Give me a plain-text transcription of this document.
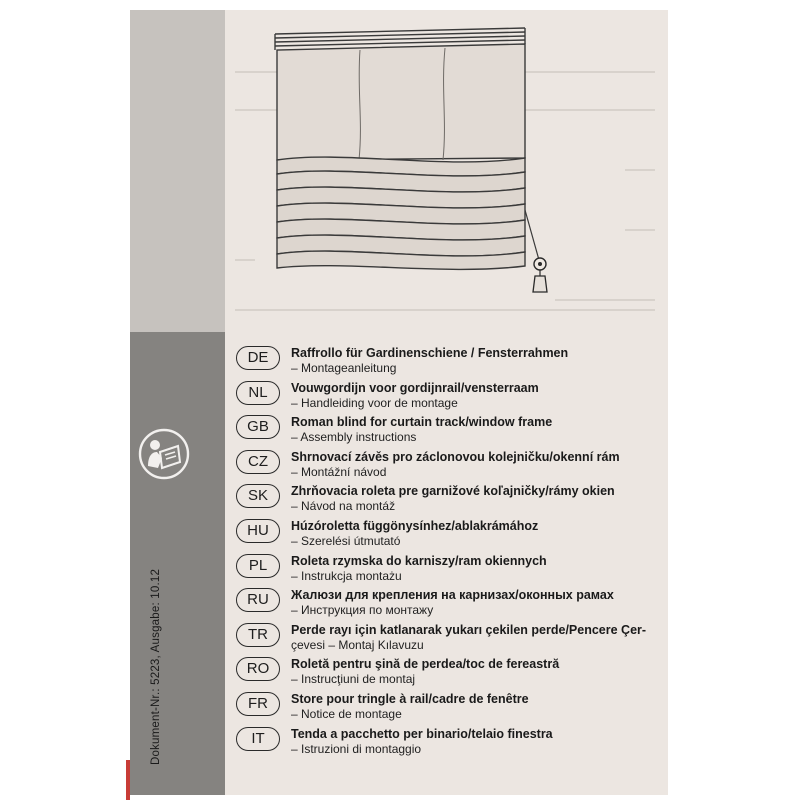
Dokument-Nr.: 5223, Ausgabe: 10.12
DE	Raffrollo für Gardinenschiene / Fensterrahmen
– Montageanleitung
NL	Vouwgordijn voor gordijnrail/vensterraam
– Handleiding voor de montage
GB	Roman blind for curtain track/window frame
– Assembly instructions
CZ	Shrnovací závěs pro záclonovou kolejničku/okenní rám
– Montážní návod
SK	Zhrňovacia roleta pre garnižové koľajničky/rámy okien
– Návod na montáž
HU	Húzóroletta függönysínhez/ablakrámához
– Szerelési útmutató
PL	Roleta rzymska do karniszy/ram okiennych
– Instrukcja montażu
RU	Жалюзи для крепления на карнизах/оконных рамах
– Инструкция по монтажу
TR	Perde rayı için katlanarak yukarı çekilen perde/Pencere Çer-
çevesi – Montaj Kılavuzu
RO	Roletă pentru şină de perdea/toc de fereastră
– Instrucţiuni de montaj
FR	Store pour tringle à rail/cadre de fenêtre
– Notice de montage
IT	Tenda a pacchetto per binario/telaio finestra
– Istruzioni di montaggio
